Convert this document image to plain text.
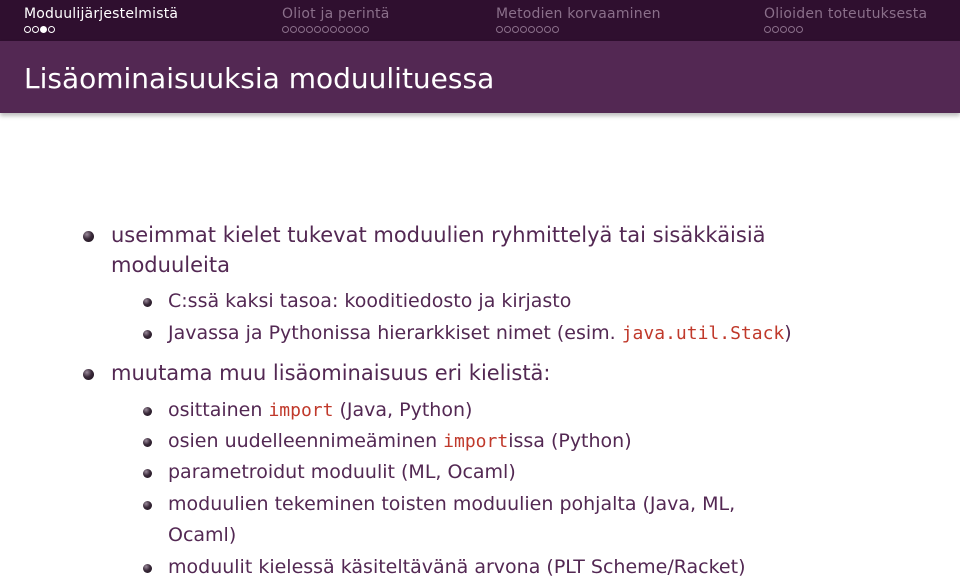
Moduulijärjestelmistä	Oliot ja perintä	Metodien korvaaminen	Olioiden toteutuksesta
Lisäominaisuuksia moduulituessa
useimmat kielet tukevat moduulien ryhmittelyä tai sisäkkäisiä
moduuleita
C:ssä kaksi tasoa: kooditiedosto ja kirjasto
Javassa ja Pythonissa hierarkkiset nimet (esim. java.util.Stack)
muutama muu lisäominaisuus eri kielistä:
osittainen import (Java, Python)
osien uudelleennimeäminen importissa (Python)
parametroidut moduulit (ML, Ocaml)
moduulien tekeminen toisten moduulien pohjalta (Java, ML,
Ocaml)
moduulit kielessä käsiteltävänä arvona (PLT Scheme/Racket)
